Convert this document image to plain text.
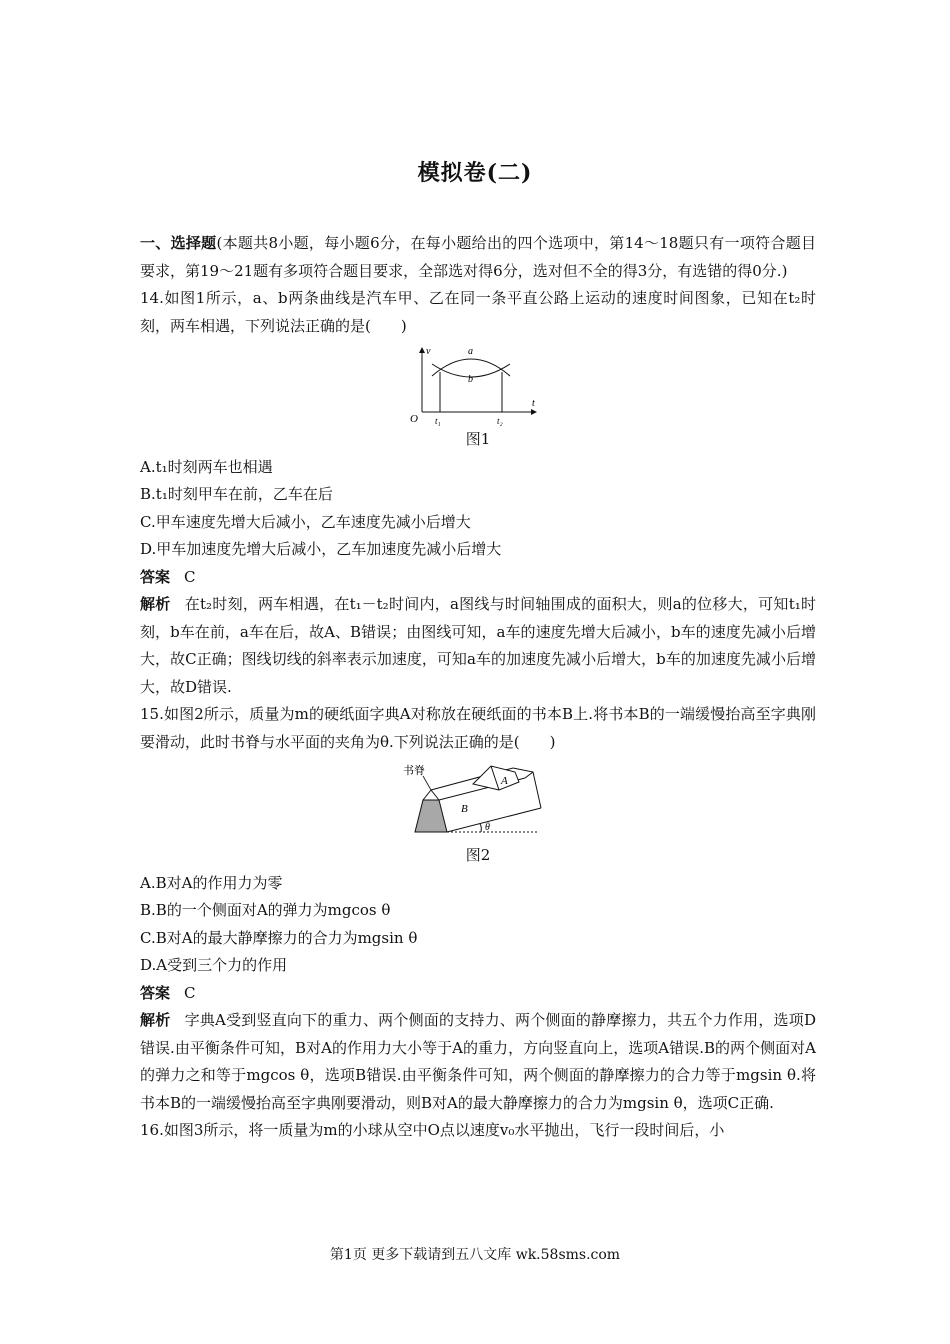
模拟卷(二)

一、选择题(本题共8小题，每小题6分，在每小题给出的四个选项中，第14～18题只有一项符合题目要求，第19～21题有多项符合题目要求，全部选对得6分，选对但不全的得3分，有选错的得0分.)

14.如图1所示，a、b两条曲线是汽车甲、乙在同一条平直公路上运动的速度时间图象，已知在t₂时刻，两车相遇，下列说法正确的是(　　)

v
t
O
a
b
t₁	t₂

图1

A.t₁时刻两车也相遇

B.t₁时刻甲车在前，乙车在后

C.甲车速度先增大后减小，乙车速度先减小后增大

D.甲车加速度先增大后减小，乙车加速度先减小后增大

答案 C

解析 在t₂时刻，两车相遇，在t₁－t₂时间内，a图线与时间轴围成的面积大，则a的位移大，可知t₁时刻，b车在前，a车在后，故A、B错误；由图线可知，a车的速度先增大后减小，b车的速度先减小后增大，故C正确；图线切线的斜率表示加速度，可知a车的加速度先减小后增大，b车的加速度先减小后增大，故D错误.

15.如图2所示，质量为m的硬纸面字典A对称放在硬纸面的书本B上.将书本B的一端缓慢抬高至字典刚要滑动，此时书脊与水平面的夹角为θ.下列说法正确的是(　　)

书脊
A
B
θ

图2

A.B对A的作用力为零

B.B的一个侧面对A的弹力为mgcos θ

C.B对A的最大静摩擦力的合力为mgsin θ

D.A受到三个力的作用

答案 C

解析 字典A受到竖直向下的重力、两个侧面的支持力、两个侧面的静摩擦力，共五个力作用，选项D错误.由平衡条件可知，B对A的作用力大小等于A的重力，方向竖直向上，选项A错误.B的两个侧面对A的弹力之和等于mgcos θ，选项B错误.由平衡条件可知，两个侧面的静摩擦力的合力等于mgsin θ.将书本B的一端缓慢抬高至字典刚要滑动，则B对A的最大静摩擦力的合力为mgsin θ，选项C正确.

16.如图3所示，将一质量为m的小球从空中O点以速度v₀水平抛出，飞行一段时间后，小

第1页 更多下载请到五八文库 wk.58sms.com
